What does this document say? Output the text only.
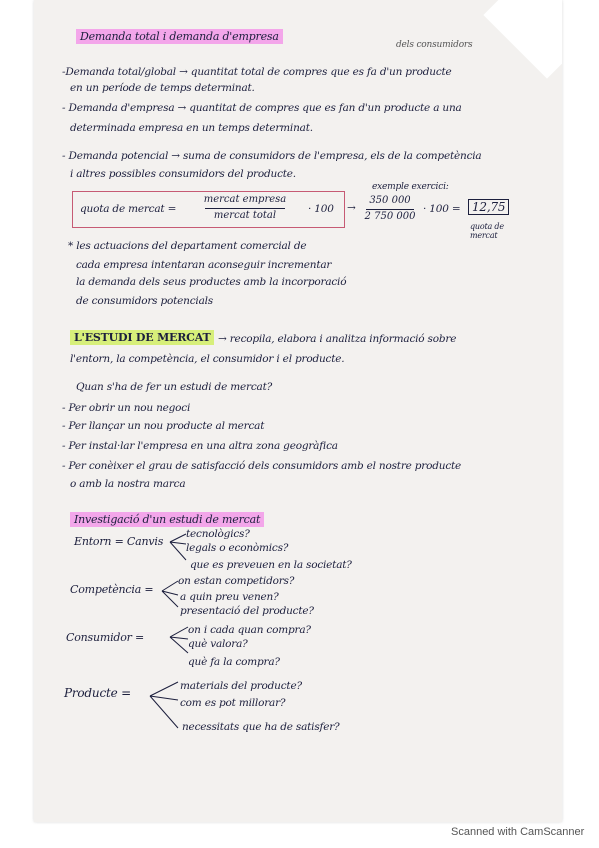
Demanda total i demanda d'empresa
dels consumidors
-Demanda total/global → quantitat total de compres que es fa d'un producte
en un període de temps determinat.
- Demanda d'empresa → quantitat de compres que es fan d'un producte a una
determinada empresa en un temps determinat.
- Demanda potencial → suma de consumidors de l'empresa, els de la competència
i altres possibles consumidors del producte.
quota de mercat =
mercat empresa
mercat total
· 100 →
exemple exercici:
350 000
2 750 000
· 100 = 12,75
quota de mercat
* les actuacions del departament comercial de
cada empresa intentaran aconseguir incrementar
la demanda dels seus productes amb la incorporació
de consumidors potencials
L'ESTUDI DE MERCAT → recopila, elabora i analitza informació sobre
l'entorn, la competència, el consumidor i el producte.
Quan s'ha de fer un estudi de mercat?
- Per obrir un nou negoci
- Per llançar un nou producte al mercat
- Per instal·lar l'empresa en una altra zona geogràfica
- Per conèixer el grau de satisfacció dels consumidors amb el nostre producte
o amb la nostra marca
Investigació d'un estudi de mercat
Entorn = Canvis
tecnològics?
legals o econòmics?
que es preveuen en la societat?
Competència =
on estan competidors?
a quin preu venen?
presentació del producte?
Consumidor =
on i cada quan compra?
què valora?
què fa la compra?
Producte =	materials del producte?
com es pot millorar?
necessitats que ha de satisfer?
Scanned with CamScanner
